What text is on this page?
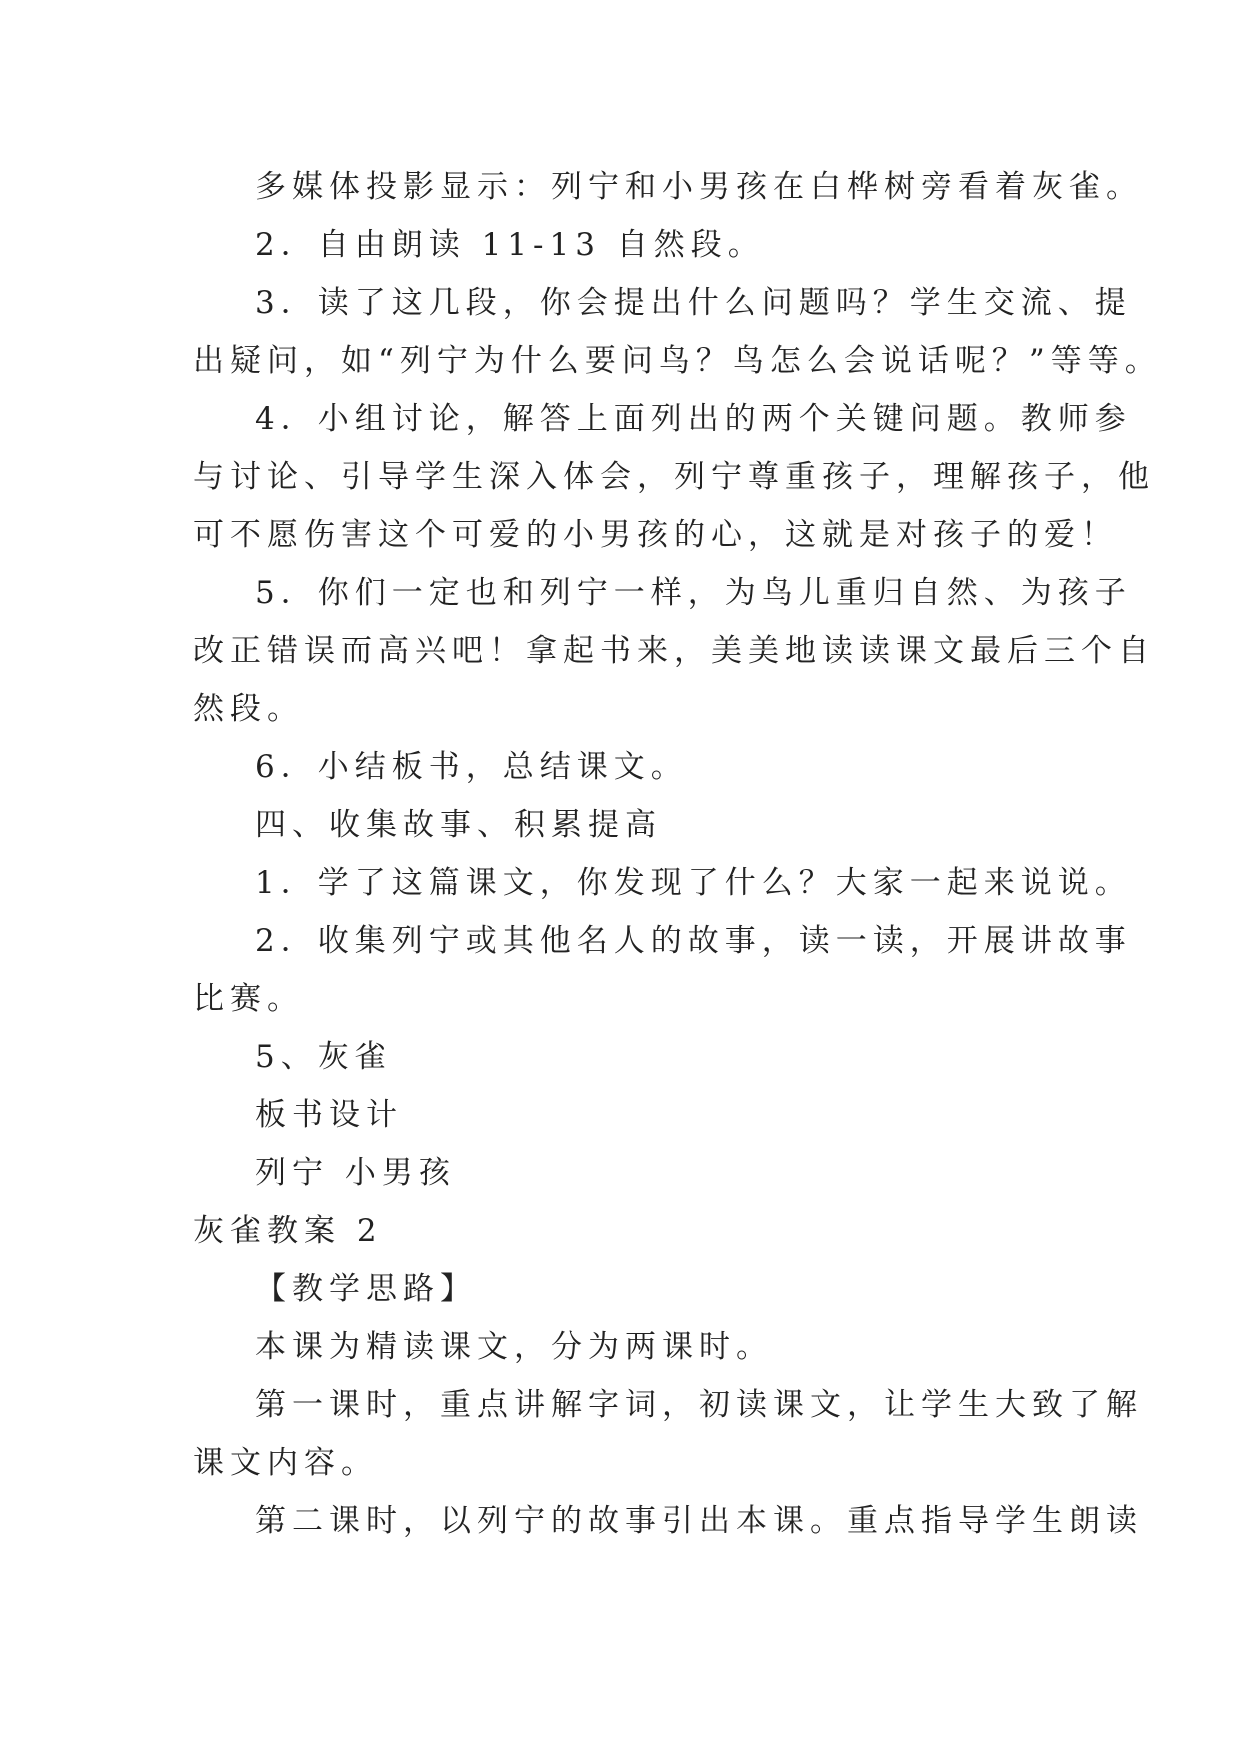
多媒体投影显示：列宁和小男孩在白桦树旁看着灰雀。
2．自由朗读 11-13 自然段。
3．读了这几段，你会提出什么问题吗？学生交流、提
出疑问，如“列宁为什么要问鸟？鸟怎么会说话呢？”等等。
4．小组讨论，解答上面列出的两个关键问题。教师参
与讨论、引导学生深入体会，列宁尊重孩子，理解孩子，他
可不愿伤害这个可爱的小男孩的心，这就是对孩子的爱！
5．你们一定也和列宁一样，为鸟儿重归自然、为孩子
改正错误而高兴吧！拿起书来，美美地读读课文最后三个自
然段。
6．小结板书，总结课文。
四、收集故事、积累提高
1．学了这篇课文，你发现了什么？大家一起来说说。
2．收集列宁或其他名人的故事，读一读，开展讲故事
比赛。
5、灰雀
板书设计
列宁 小男孩
灰雀教案 2
【教学思路】
本课为精读课文，分为两课时。
第一课时，重点讲解字词，初读课文，让学生大致了解
课文内容。
第二课时，以列宁的故事引出本课。重点指导学生朗读
